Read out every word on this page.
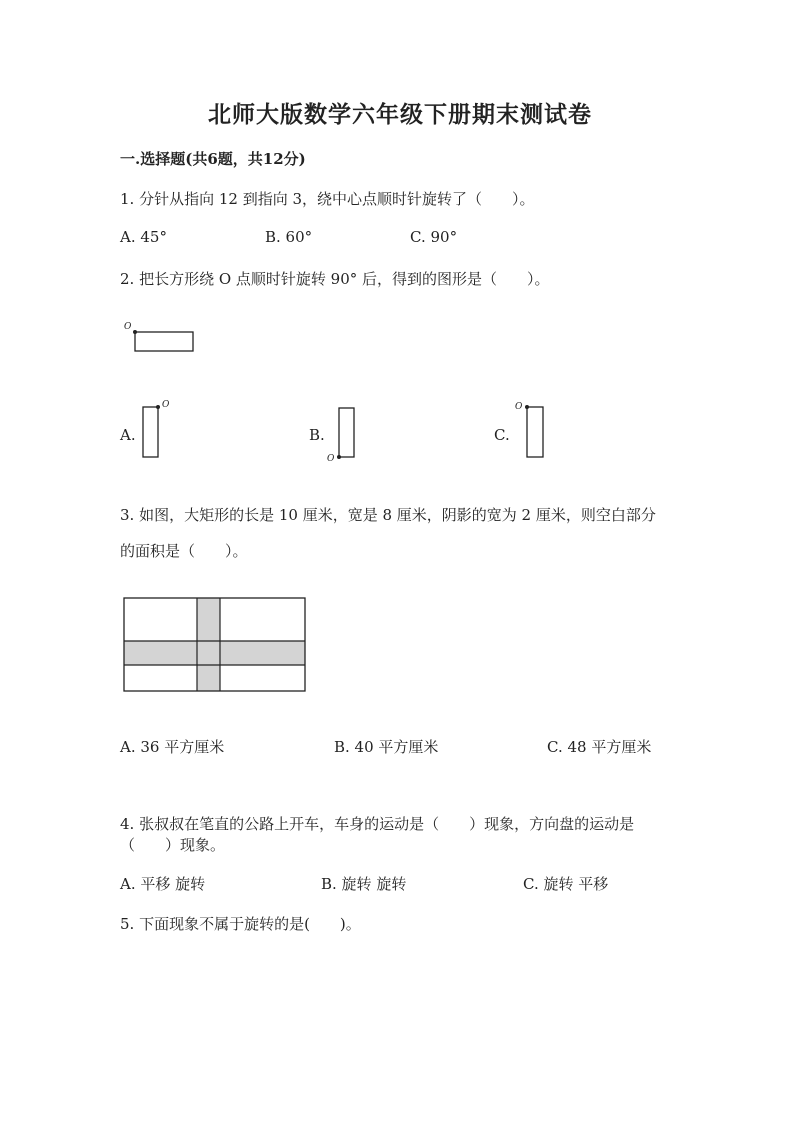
北师大版数学六年级下册期末测试卷
一.选择题(共6题，共12分)
1. 分针从指向 12 到指向 3，绕中心点顺时针旋转了（　　）。
A. 45°	B. 60°	C. 90°
2. 把长方形绕 O 点顺时针旋转 90° 后，得到的图形是（　　）。
O
A.
O
B.
O
C.
O
3. 如图，大矩形的长是 10 厘米，宽是 8 厘米，阴影的宽为 2 厘米，则空白部分
的面积是（　　）。
A. 36 平方厘米	B. 40 平方厘米	C. 48 平方厘米
4. 张叔叔在笔直的公路上开车，车身的运动是（　　）现象，方向盘的运动是
（　　）现象。
A. 平移 旋转	B. 旋转 旋转	C. 旋转 平移
5. 下面现象不属于旋转的是(　　)。
